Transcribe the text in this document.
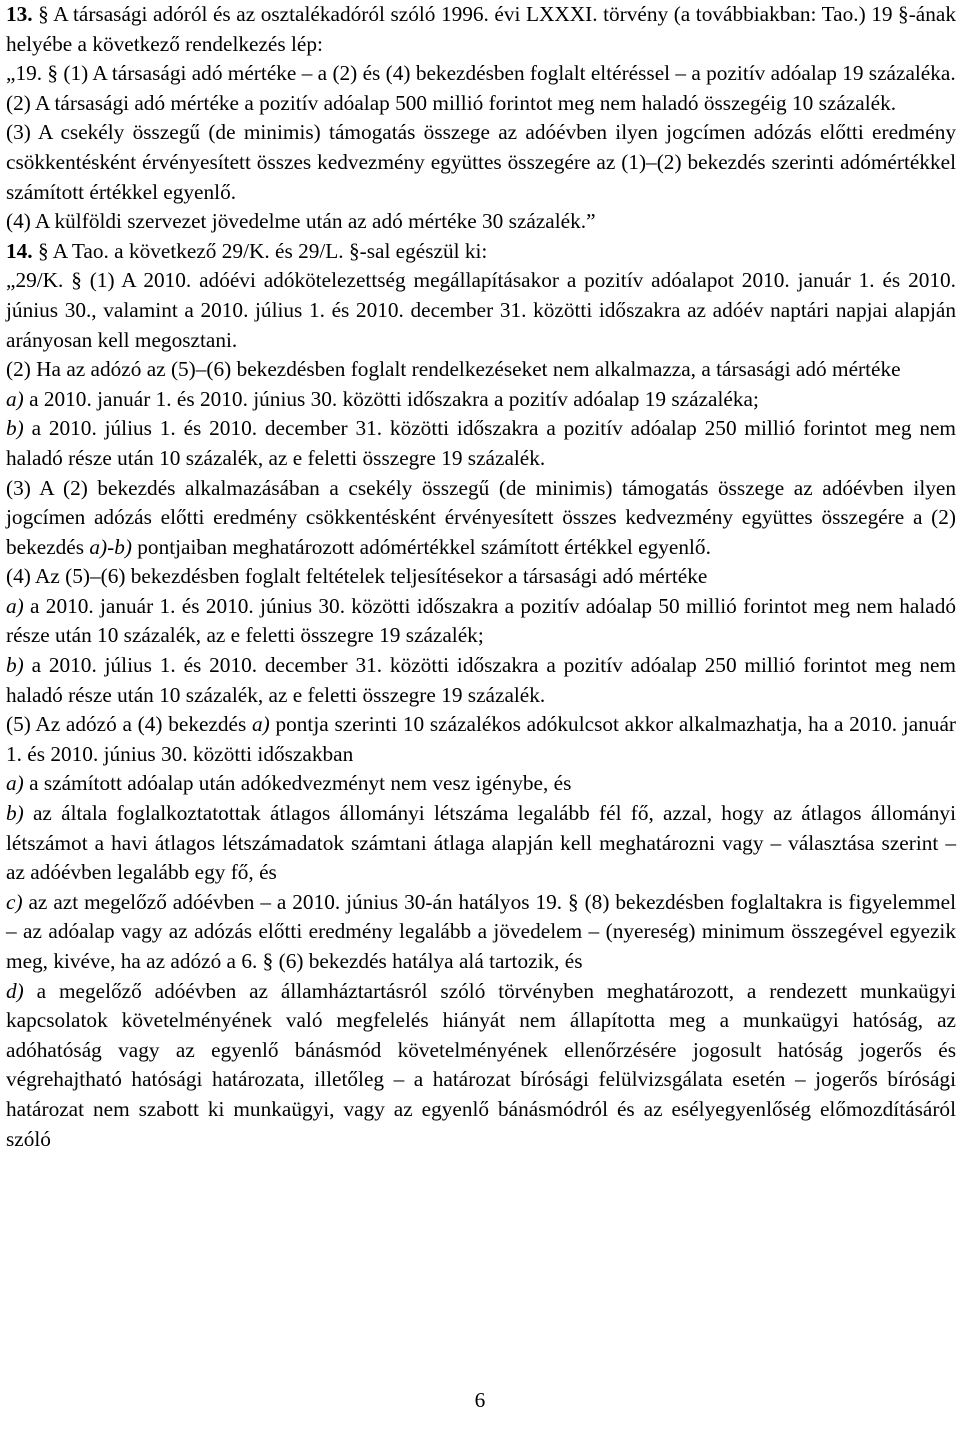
13. § A társasági adóról és az osztalékadóról szóló 1996. évi LXXXI. törvény (a továbbiakban: Tao.) 19 §-ának helyébe a következő rendelkezés lép:
„19. § (1) A társasági adó mértéke – a (2) és (4) bekezdésben foglalt eltéréssel – a pozitív adóalap 19 százaléka.
(2) A társasági adó mértéke a pozitív adóalap 500 millió forintot meg nem haladó összegéig 10 százalék.
(3) A csekély összegű (de minimis) támogatás összege az adóévben ilyen jogcímen adózás előtti eredmény csökkentésként érvényesített összes kedvezmény együttes összegére az (1)–(2) bekezdés szerinti adómértékkel számított értékkel egyenlő.
(4) A külföldi szervezet jövedelme után az adó mértéke 30 százalék.”
14. § A Tao. a következő 29/K. és 29/L. §-sal egészül ki:
„29/K. § (1) A 2010. adóévi adókötelezettség megállapításakor a pozitív adóalapot 2010. január 1. és 2010. június 30., valamint a 2010. július 1. és 2010. december 31. közötti időszakra az adóév naptári napjai alapján arányosan kell megosztani.
(2) Ha az adózó az (5)–(6) bekezdésben foglalt rendelkezéseket nem alkalmazza, a társasági adó mértéke
a) a 2010. január 1. és 2010. június 30. közötti időszakra a pozitív adóalap 19 százaléka;
b) a 2010. július 1. és 2010. december 31. közötti időszakra a pozitív adóalap 250 millió forintot meg nem haladó része után 10 százalék, az e feletti összegre 19 százalék.
(3) A (2) bekezdés alkalmazásában a csekély összegű (de minimis) támogatás összege az adóévben ilyen jogcímen adózás előtti eredmény csökkentésként érvényesített összes kedvezmény együttes összegére a (2) bekezdés a)-b) pontjaiban meghatározott adómértékkel számított értékkel egyenlő.
(4) Az (5)–(6) bekezdésben foglalt feltételek teljesítésekor a társasági adó mértéke
a) a 2010. január 1. és 2010. június 30. közötti időszakra a pozitív adóalap 50 millió forintot meg nem haladó része után 10 százalék, az e feletti összegre 19 százalék;
b) a 2010. július 1. és 2010. december 31. közötti időszakra a pozitív adóalap 250 millió forintot meg nem haladó része után 10 százalék, az e feletti összegre 19 százalék.
(5) Az adózó a (4) bekezdés a) pontja szerinti 10 százalékos adókulcsot akkor alkalmazhatja, ha a 2010. január 1. és 2010. június 30. közötti időszakban
a) a számított adóalap után adókedvezményt nem vesz igénybe, és
b) az általa foglalkoztatottak átlagos állományi létszáma legalább fél fő, azzal, hogy az átlagos állományi létszámot a havi átlagos létszámadatok számtani átlaga alapján kell meghatározni vagy – választása szerint – az adóévben legalább egy fő, és
c) az azt megelőző adóévben – a 2010. június 30-án hatályos 19. § (8) bekezdésben foglaltakra is figyelemmel – az adóalap vagy az adózás előtti eredmény legalább a jövedelem – (nyereség) minimum összegével egyezik meg, kivéve, ha az adózó a 6. § (6) bekezdés hatálya alá tartozik, és
d) a megelőző adóévben az államháztartásról szóló törvényben meghatározott, a rendezett munkaügyi kapcsolatok követelményének való megfelelés hiányát nem állapította meg a munkaügyi hatóság, az adóhatóság vagy az egyenlő bánásmód követelményének ellenőrzésére jogosult hatóság jogerős és végrehajtható hatósági határozata, illetőleg – a határozat bírósági felülvizsgálata esetén – jogerős bírósági határozat nem szabott ki munkaügyi, vagy az egyenlő bánásmódról és az esélyegyenlőség előmozdításáról szóló
6
